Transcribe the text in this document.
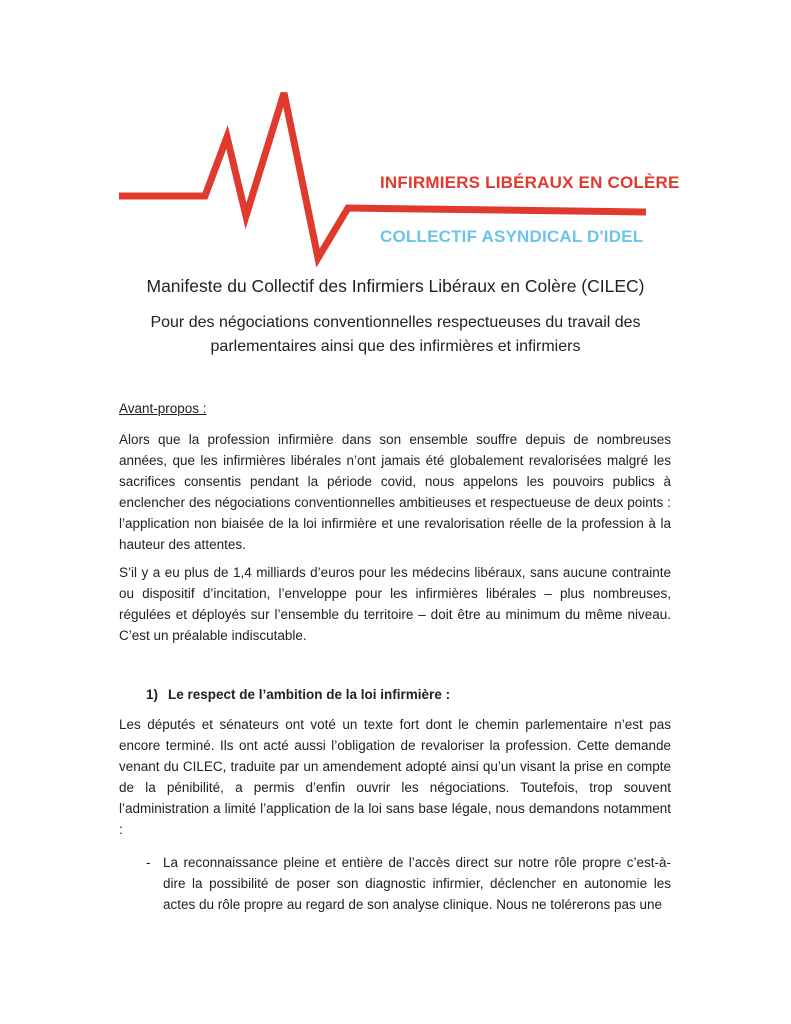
INFIRMIERS LIBÉRAUX EN COLÈRE
COLLECTIF ASYNDICAL D'IDEL
Manifeste du Collectif des Infirmiers Libéraux en Colère (CILEC)
Pour des négociations conventionnelles respectueuses du travail des parlementaires ainsi que des infirmières et infirmiers
Avant-propos :
Alors que la profession infirmière dans son ensemble souffre depuis de nombreuses années, que les infirmières libérales n’ont jamais été globalement revalorisées malgré les sacrifices consentis pendant la période covid, nous appelons les pouvoirs publics à enclencher des négociations conventionnelles ambitieuses et respectueuse de deux points : l’application non biaisée de la loi infirmière et une revalorisation réelle de la profession à la hauteur des attentes.
S’il y a eu plus de 1,4 milliards d’euros pour les médecins libéraux, sans aucune contrainte ou dispositif d’incitation, l’enveloppe pour les infirmières libérales – plus nombreuses, régulées et déployés sur l’ensemble du territoire – doit être au minimum du même niveau. C’est un préalable indiscutable.
1) Le respect de l’ambition de la loi infirmière :
Les députés et sénateurs ont voté un texte fort dont le chemin parlementaire n’est pas encore terminé. Ils ont acté aussi l’obligation de revaloriser la profession. Cette demande venant du CILEC, traduite par un amendement adopté ainsi qu’un visant la prise en compte de la pénibilité, a permis d’enfin ouvrir les négociations. Toutefois, trop souvent l’administration a limité l’application de la loi sans base légale, nous demandons notamment :
- La reconnaissance pleine et entière de l’accès direct sur notre rôle propre c’est-à-dire la possibilité de poser son diagnostic infirmier, déclencher en autonomie les actes du rôle propre au regard de son analyse clinique. Nous ne tolérerons pas une
